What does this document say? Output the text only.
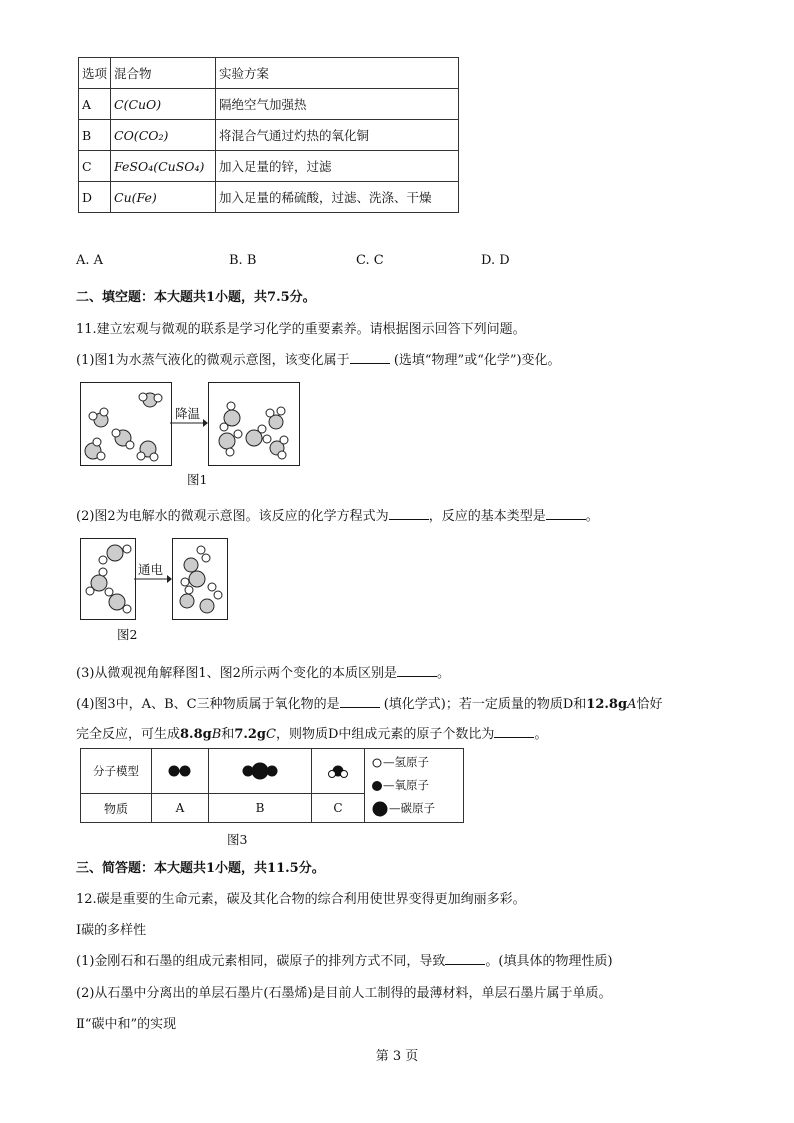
选项	混合物	实验方案
A	C(CuO)	隔绝空气加强热
B	CO(CO₂)	将混合气通过灼热的氧化铜
C	FeSO₄(CuSO₄)	加入足量的锌，过滤
D	Cu(Fe)	加入足量的稀硫酸，过滤、洗涤、干燥
A. A	B. B	C. C	D. D
二、填空题：本大题共1小题，共7.5分。
11.建立宏观与微观的联系是学习化学的重要素养。请根据图示回答下列问题。
(1)图1为水蒸气液化的微观示意图，该变化属于	(选填“物理”或“化学”)变化。
降温
图1
(2)图2为电解水的微观示意图。该反应的化学方程式为	，反应的基本类型是	。
通电
图2
(3)从微观视角解释图1、图2所示两个变化的本质区别是	。
(4)图3中，A、B、C三种物质属于氧化物的是	(填化学式)；若一定质量的物质D和12.8gA恰好
完全反应，可生成8.8gB和7.2gC，则物质D中组成元素的原子个数比为	。
分子模型				—氢原子
—氧原子
—碳原子

物质	A	B	C	
图3
三、简答题：本大题共1小题，共11.5分。
12.碳是重要的生命元素，碳及其化合物的综合利用使世界变得更加绚丽多彩。
Ⅰ碳的多样性
(1)金刚石和石墨的组成元素相同，碳原子的排列方式不同，导致	。(填具体的物理性质)
(2)从石墨中分离出的单层石墨片(石墨烯)是目前人工制得的最薄材料，单层石墨片属于单质。
Ⅱ“碳中和”的实现
第 3 页
